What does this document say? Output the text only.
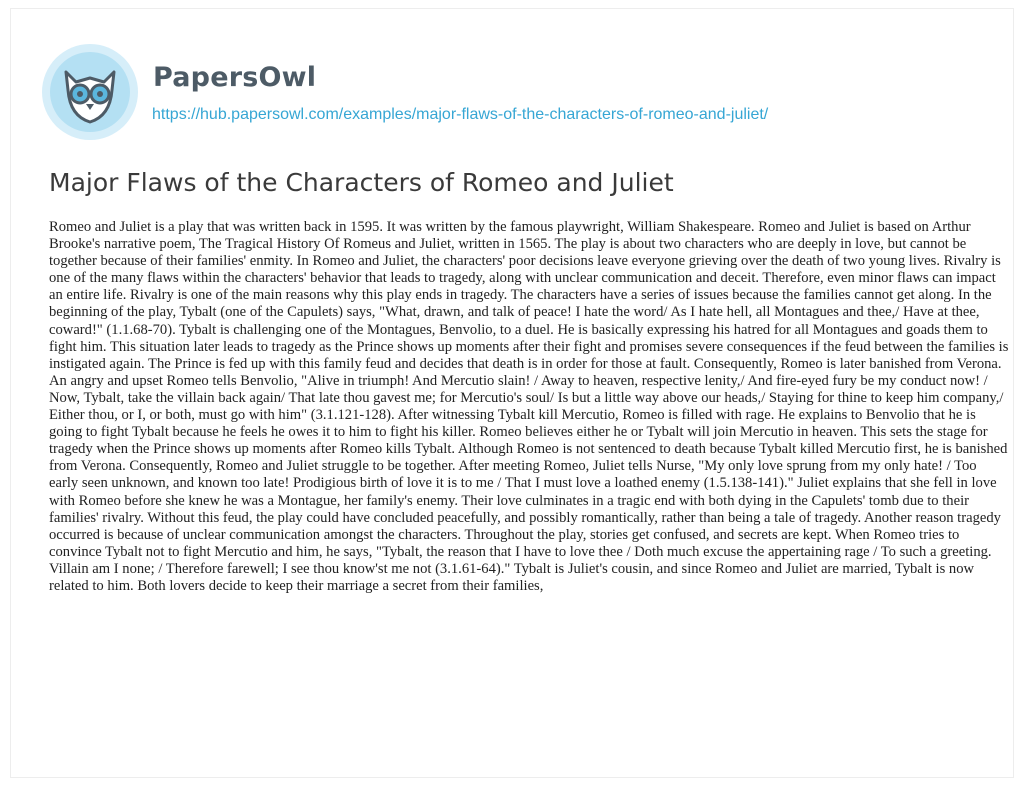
PapersOwl
https://hub.papersowl.com/examples/major-flaws-of-the-characters-of-romeo-and-juliet/
Major Flaws of the Characters of Romeo and Juliet

Romeo and Juliet is a play that was written back in 1595. It was written by the famous playwright, William Shakespeare. Romeo and Juliet is based on Arthur Brooke's narrative poem, The Tragical History Of Romeus and Juliet, written in 1565. The play is about two characters who are deeply in love, but cannot be together because of their families' enmity. In Romeo and Juliet, the characters' poor decisions leave everyone grieving over the death of two young lives. Rivalry is one of the many flaws within the characters' behavior that leads to tragedy, along with unclear communication and deceit. Therefore, even minor flaws can impact an entire life. Rivalry is one of the main reasons why this play ends in tragedy. The characters have a series of issues because the families cannot get along. In the beginning of the play, Tybalt (one of the Capulets) says, "What, drawn, and talk of peace! I hate the word/ As I hate hell, all Montagues and thee,/ Have at thee, coward!" (1.1.68-70). Tybalt is challenging one of the Montagues, Benvolio, to a duel. He is basically expressing his hatred for all Montagues and goads them to fight him. This situation later leads to tragedy as the Prince shows up moments after their fight and promises severe consequences if the feud between the families is instigated again. The Prince is fed up with this family feud and decides that death is in order for those at fault. Consequently, Romeo is later banished from Verona. An angry and upset Romeo tells Benvolio, "Alive in triumph! And Mercutio slain! / Away to heaven, respective lenity,/ And fire-eyed fury be my conduct now! / Now, Tybalt, take the villain back again/ That late thou gavest me; for Mercutio's soul/ Is but a little way above our heads,/ Staying for thine to keep him company,/ Either thou, or I, or both, must go with him" (3.1.121-128). After witnessing Tybalt kill Mercutio, Romeo is filled with rage. He explains to Benvolio that he is going to fight Tybalt because he feels he owes it to him to fight his killer. Romeo believes either he or Tybalt will join Mercutio in heaven. This sets the stage for tragedy when the Prince shows up moments after Romeo kills Tybalt. Although Romeo is not sentenced to death because Tybalt killed Mercutio first, he is banished from Verona. Consequently, Romeo and Juliet struggle to be together. After meeting Romeo, Juliet tells Nurse, "My only love sprung from my only hate! / Too early seen unknown, and known too late! Prodigious birth of love it is to me / That I must love a loathed enemy (1.5.138-141)." Juliet explains that she fell in love with Romeo before she knew he was a Montague, her family's enemy. Their love culminates in a tragic end with both dying in the Capulets' tomb due to their families' rivalry. Without this feud, the play could have concluded peacefully, and possibly romantically, rather than being a tale of tragedy. Another reason tragedy occurred is because of unclear communication amongst the characters. Throughout the play, stories get confused, and secrets are kept. When Romeo tries to convince Tybalt not to fight Mercutio and him, he says, "Tybalt, the reason that I have to love thee / Doth much excuse the appertaining rage / To such a greeting. Villain am I none; / Therefore farewell; I see thou know'st me not (3.1.61-64)." Tybalt is Juliet's cousin, and since Romeo and Juliet are married, Tybalt is now related to him. Both lovers decide to keep their marriage a secret from their families,
